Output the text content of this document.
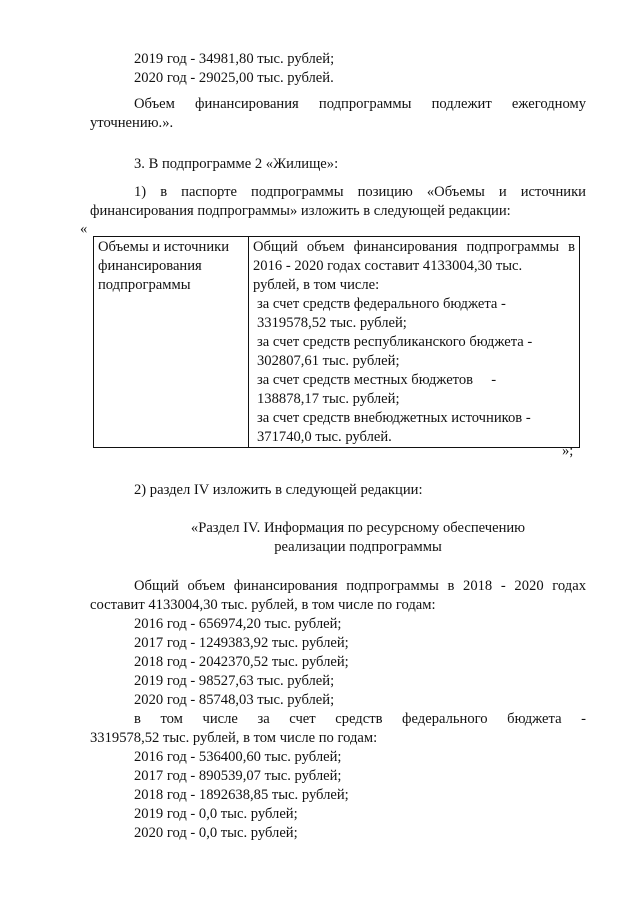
2019 год - 34981,80 тыс. рублей;
2020 год - 29025,00 тыс. рублей.
Объем финансирования подпрограммы подлежит ежегодному
уточнению.».
3. В подпрограмме 2 «Жилище»:
1) в паспорте подпрограммы позицию «Объемы и источники
финансирования подпрограммы» изложить в следующей редакции:
«
Объемы и источники
финансирования
подпрограммы

Общий объем финансирования подпрограммы в
2016 - 2020 годах составит 4133004,30 тыс.
рублей, в том числе:
за счет средств федерального бюджета -
3319578,52 тыс. рублей;
за счет средств республиканского бюджета -
302807,61 тыс. рублей;
за счет средств местных бюджетов     -
138878,17 тыс. рублей;
за счет средств внебюджетных источников -
371740,0 тыс. рублей.
»;
2) раздел IV изложить в следующей редакции:
«Раздел IV. Информация по ресурсному обеспечению
реализации подпрограммы
Общий объем финансирования подпрограммы в 2018 - 2020 годах
составит 4133004,30 тыс. рублей, в том числе по годам:
2016 год - 656974,20 тыс. рублей;
2017 год - 1249383,92 тыс. рублей;
2018 год - 2042370,52 тыс. рублей;
2019 год - 98527,63 тыс. рублей;
2020 год - 85748,03 тыс. рублей;
в том числе за счет средств федерального бюджета -
3319578,52 тыс. рублей, в том числе по годам:
2016 год - 536400,60 тыс. рублей;
2017 год - 890539,07 тыс. рублей;
2018 год - 1892638,85 тыс. рублей;
2019 год - 0,0 тыс. рублей;
2020 год - 0,0 тыс. рублей;
